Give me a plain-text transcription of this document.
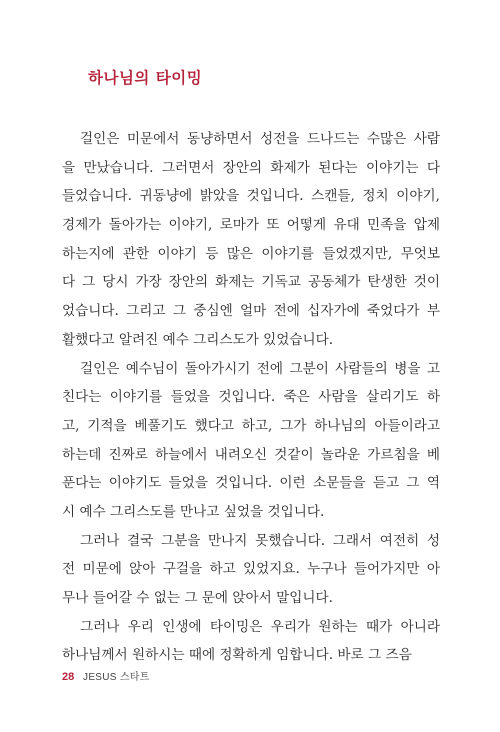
하나님의 타이밍
걸인은 미문에서 동냥하면서 성전을 드나드는 수많은 사람
을 만났습니다. 그러면서 장안의 화제가 된다는 이야기는 다
들었습니다. 귀동냥에 밝았을 것입니다. 스캔들, 정치 이야기,
경제가 돌아가는 이야기, 로마가 또 어떻게 유대 민족을 압제
하는지에 관한 이야기 등 많은 이야기를 들었겠지만, 무엇보
다 그 당시 가장 장안의 화제는 기독교 공동체가 탄생한 것이
었습니다. 그리고 그 중심엔 얼마 전에 십자가에 죽었다가 부
활했다고 알려진 예수 그리스도가 있었습니다.
걸인은 예수님이 돌아가시기 전에 그분이 사람들의 병을 고
친다는 이야기를 들었을 것입니다. 죽은 사람을 살리기도 하
고, 기적을 베풀기도 했다고 하고, 그가 하나님의 아들이라고
하는데 진짜로 하늘에서 내려오신 것같이 놀라운 가르침을 베
푼다는 이야기도 들었을 것입니다. 이런 소문들을 듣고 그 역
시 예수 그리스도를 만나고 싶었을 것입니다.
그러나 결국 그분을 만나지 못했습니다. 그래서 여전히 성
전 미문에 앉아 구걸을 하고 있었지요. 누구나 들어가지만 아
무나 들어갈 수 없는 그 문에 앉아서 말입니다.
그러나 우리 인생에 타이밍은 우리가 원하는 때가 아니라
하나님께서 원하시는 때에 정확하게 임합니다. 바로 그 즈음
28 JESUS 스타트
